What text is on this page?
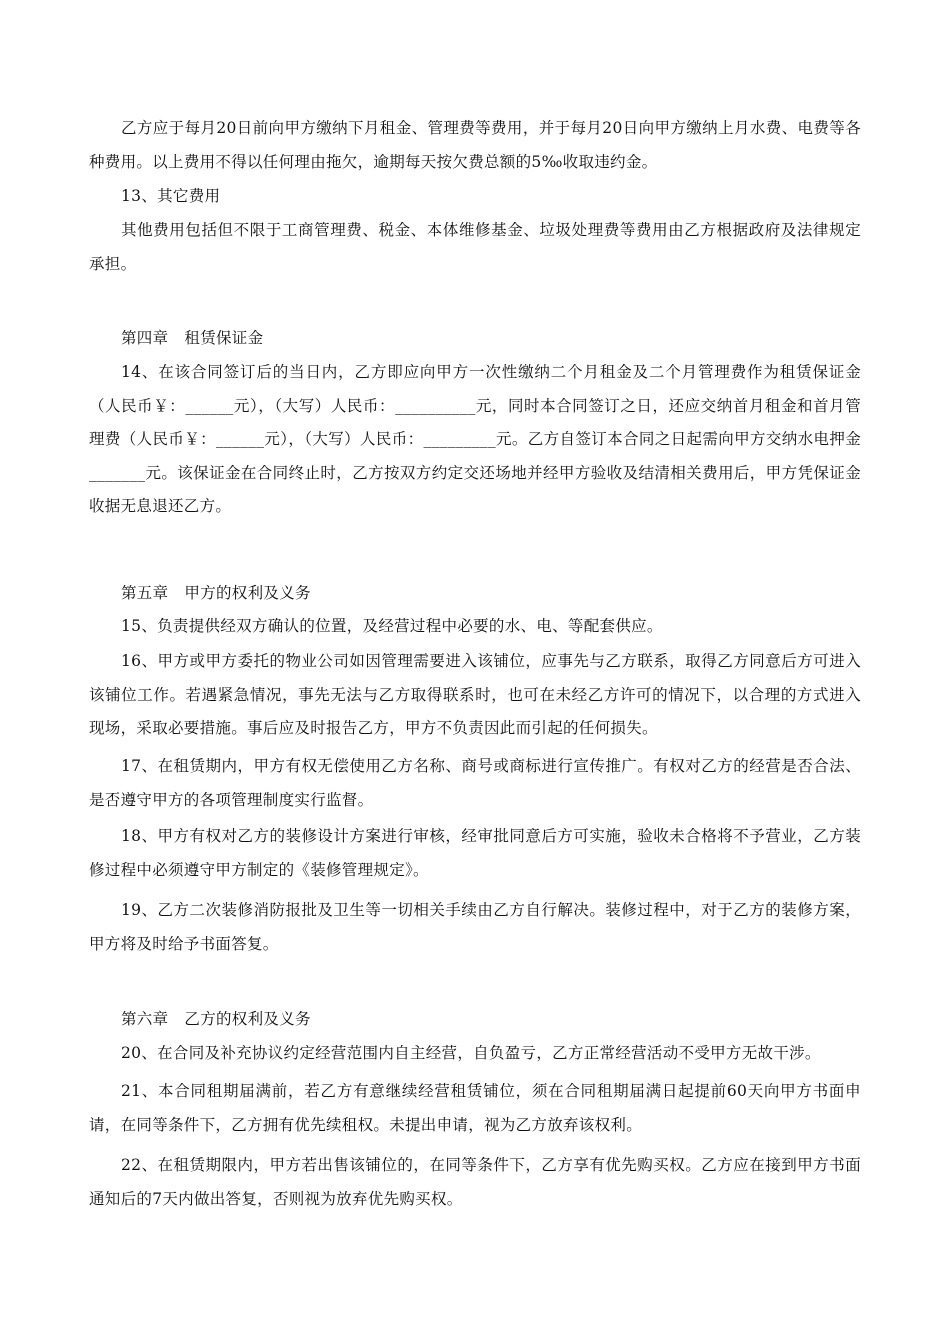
乙方应于每月20日前向甲方缴纳下月租金、管理费等费用，并于每月20日向甲方缴纳上月水费、电费等各种费用。以上费用不得以任何理由拖欠，逾期每天按欠费总额的5‰收取违约金。

13、其它费用

其他费用包括但不限于工商管理费、税金、本体维修基金、垃圾处理费等费用由乙方根据政府及法律规定承担。

第四章 租赁保证金

14、在该合同签订后的当日内，乙方即应向甲方一次性缴纳二个月租金及二个月管理费作为租赁保证金（人民币￥：______元），（大写）人民币：__________元，同时本合同签订之日，还应交纳首月租金和首月管理费（人民币￥：______元），（大写）人民币：_________元。乙方自签订本合同之日起需向甲方交纳水电押金_______元。该保证金在合同终止时，乙方按双方约定交还场地并经甲方验收及结清相关费用后，甲方凭保证金收据无息退还乙方。

第五章 甲方的权利及义务

15、负责提供经双方确认的位置，及经营过程中必要的水、电、等配套供应。

16、甲方或甲方委托的物业公司如因管理需要进入该铺位，应事先与乙方联系，取得乙方同意后方可进入该铺位工作。若遇紧急情况，事先无法与乙方取得联系时，也可在未经乙方许可的情况下，以合理的方式进入现场，采取必要措施。事后应及时报告乙方，甲方不负责因此而引起的任何损失。

17、在租赁期内，甲方有权无偿使用乙方名称、商号或商标进行宣传推广。有权对乙方的经营是否合法、是否遵守甲方的各项管理制度实行监督。

18、甲方有权对乙方的装修设计方案进行审核，经审批同意后方可实施，验收未合格将不予营业，乙方装修过程中必须遵守甲方制定的《装修管理规定》。

19、乙方二次装修消防报批及卫生等一切相关手续由乙方自行解决。装修过程中，对于乙方的装修方案，甲方将及时给予书面答复。

第六章 乙方的权利及义务

20、在合同及补充协议约定经营范围内自主经营，自负盈亏，乙方正常经营活动不受甲方无故干涉。

21、本合同租期届满前，若乙方有意继续经营租赁铺位，须在合同租期届满日起提前60天向甲方书面申请，在同等条件下，乙方拥有优先续租权。未提出申请，视为乙方放弃该权利。

22、在租赁期限内，甲方若出售该铺位的，在同等条件下，乙方享有优先购买权。乙方应在接到甲方书面通知后的7天内做出答复，否则视为放弃优先购买权。
